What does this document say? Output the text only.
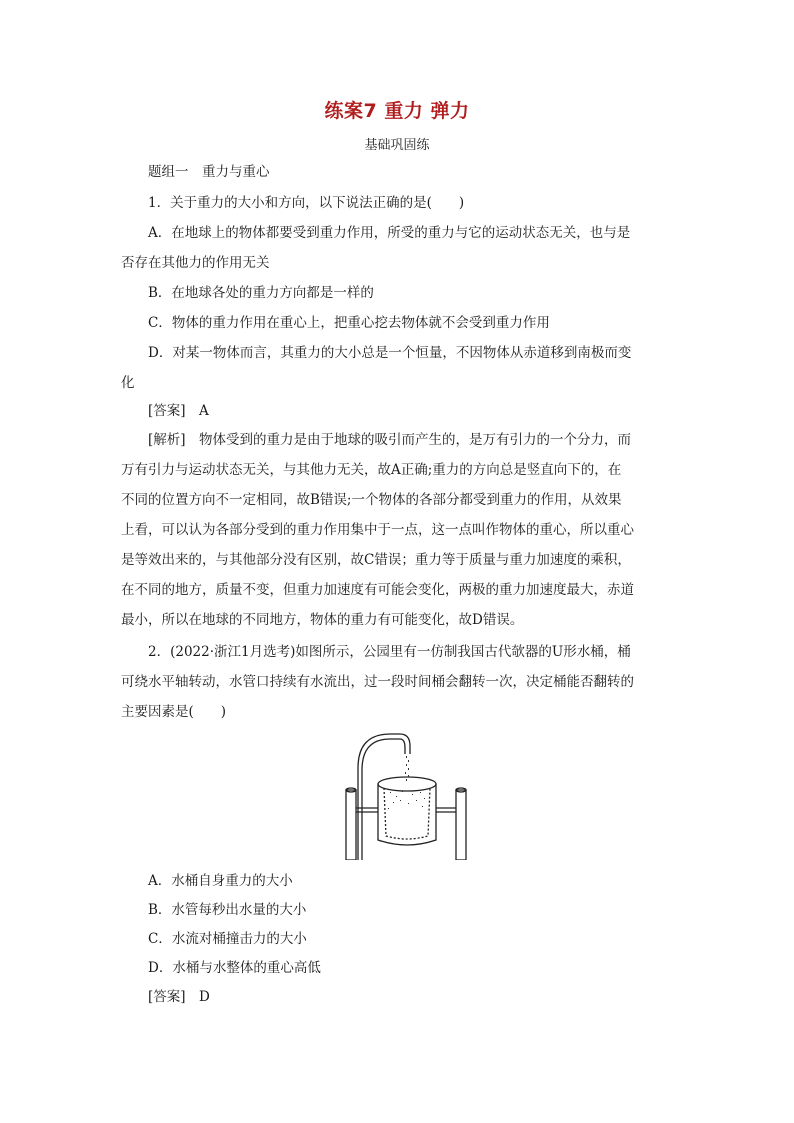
练案7 重力 弹力
基础巩固练
题组一　重力与重心
1．关于重力的大小和方向，以下说法正确的是(　　)
A．在地球上的物体都要受到重力作用，所受的重力与它的运动状态无关，也与是
否存在其他力的作用无关
B．在地球各处的重力方向都是一样的
C．物体的重力作用在重心上，把重心挖去物体就不会受到重力作用
D．对某一物体而言，其重力的大小总是一个恒量，不因物体从赤道移到南极而变
化
[答案]　A
[解析]　物体受到的重力是由于地球的吸引而产生的，是万有引力的一个分力，而
万有引力与运动状态无关，与其他力无关，故A正确;重力的方向总是竖直向下的，在
不同的位置方向不一定相同，故B错误;一个物体的各部分都受到重力的作用，从效果
上看，可以认为各部分受到的重力作用集中于一点，这一点叫作物体的重心，所以重心
是等效出来的，与其他部分没有区别，故C错误；重力等于质量与重力加速度的乘积，
在不同的地方，质量不变，但重力加速度有可能会变化，两极的重力加速度最大，赤道
最小，所以在地球的不同地方，物体的重力有可能变化，故D错误。
2．(2022·浙江1月选考)如图所示，公园里有一仿制我国古代欹器的U形水桶，桶
可绕水平轴转动，水管口持续有水流出，过一段时间桶会翻转一次，决定桶能否翻转的
主要因素是(　　)
A．水桶自身重力的大小
B．水管每秒出水量的大小
C．水流对桶撞击力的大小
D．水桶与水整体的重心高低
[答案]　D
